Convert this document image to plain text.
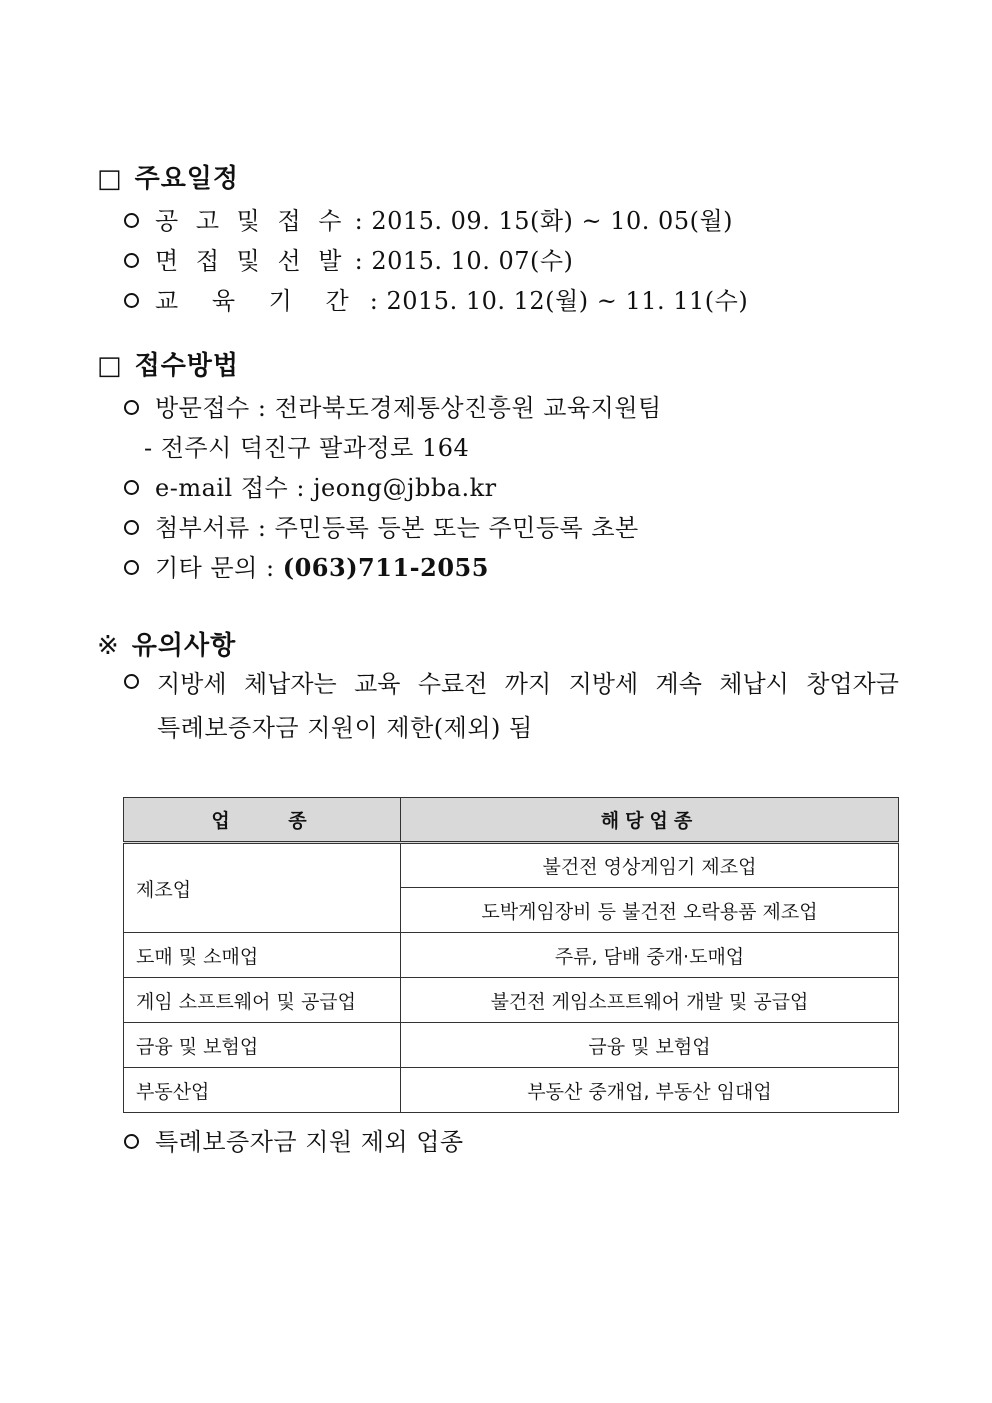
□ 주요일정
공 고 및 접 수 : 2015. 09. 15(화) ~ 10. 05(월)
면 접 및 선 발 : 2015. 10. 07(수)
교 육 기 간 : 2015. 10. 12(월) ~ 11. 11(수)
□ 접수방법
방문접수 : 전라북도경제통상진흥원 교육지원팀
- 전주시 덕진구 팔과정로 164
e-mail 접수 : jeong@jbba.kr
첨부서류 : 주민등록 등본 또는 주민등록 초본
기타 문의 : (063)711-2055
※ 유의사항
지방세 체납자는 교육 수료전 까지 지방세 계속 체납시 창업자금
특례보증자금 지원이 제한(제외) 됨
업 종	해당업종
제조업	불건전 영상게임기 제조업
	도박게임장비 등 불건전 오락용품 제조업
도매 및 소매업	주류, 담배 중개·도매업
게임 소프트웨어 및 공급업	불건전 게임소프트웨어 개발 및 공급업
금융 및 보험업	금융 및 보험업
부동산업	부동산 중개업, 부동산 임대업
특례보증자금 지원 제외 업종
